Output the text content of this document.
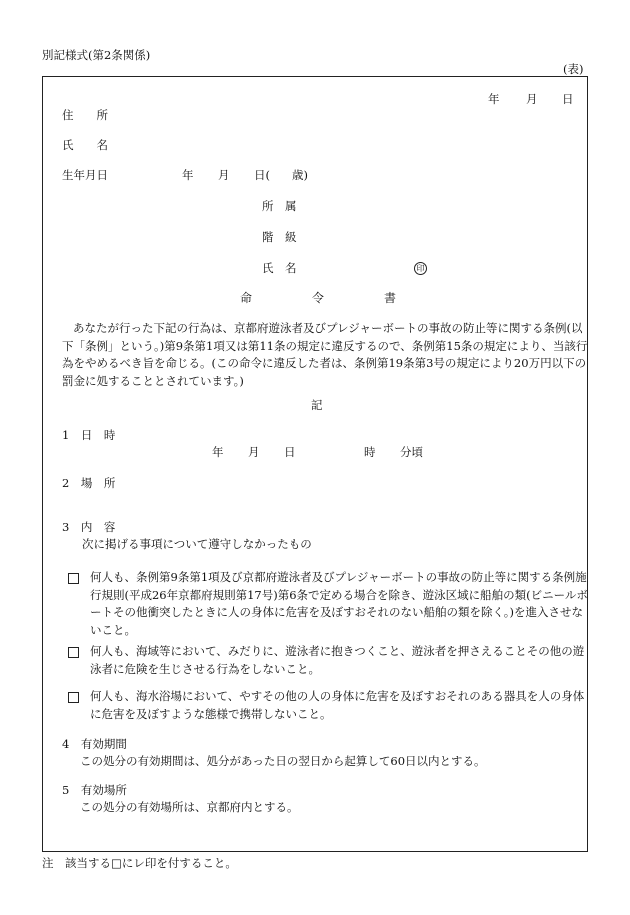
別記様式(第2条関係)
(表)
年 月 日
住　　所
氏　　名
生年月日	年 月 日( 歳)
所　属
階　級
氏　名	印
命	令	書
あなたが行った下記の行為は、京都府遊泳者及びプレジャーボートの事故の防止等に関する条例(以下「条例」という。)第9条第1項又は第11条の規定に違反するので、条例第15条の規定により、当該行為をやめるべき旨を命じる。(この命令に違反した者は、条例第19条第3号の規定により20万円以下の罰金に処することとされています。)
記
1　日　時
年 月 日	時 分頃
2　場　所
3　内　容
次に掲げる事項について遵守しなかったもの
何人も、条例第9条第1項及び京都府遊泳者及びプレジャーボートの事故の防止等に関する条例施行規則(平成26年京都府規則第17号)第6条で定める場合を除き、遊泳区域に船舶の類(ビニールボートその他衝突したときに人の身体に危害を及ぼすおそれのない船舶の類を除く。)を進入させないこと。
何人も、海域等において、みだりに、遊泳者に抱きつくこと、遊泳者を押さえることその他の遊泳者に危険を生じさせる行為をしないこと。
何人も、海水浴場において、やすその他の人の身体に危害を及ぼすおそれのある器具を人の身体に危害を及ぼすような態様で携帯しないこと。
4　有効期間
この処分の有効期間は、処分があった日の翌日から起算して60日以内とする。
5　有効場所
この処分の有効場所は、京都府内とする。
注　該当する□にレ印を付すること。
